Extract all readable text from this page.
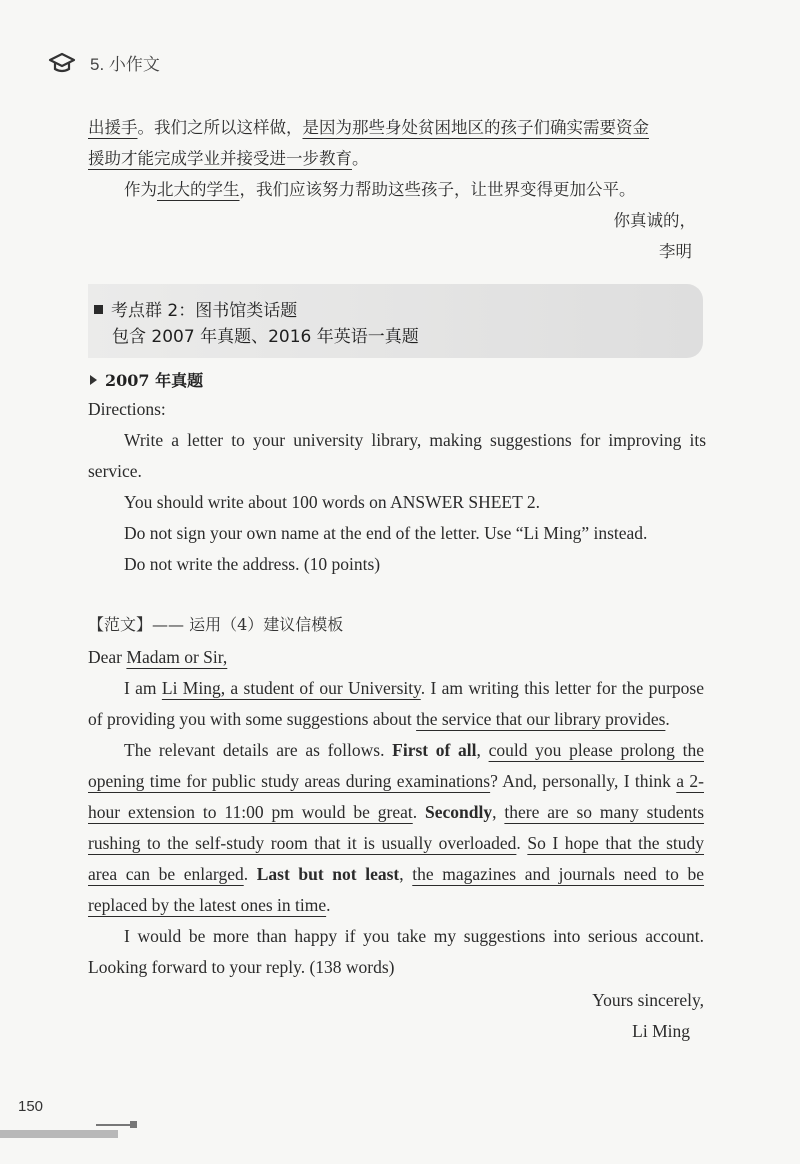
5. 小作文

出援手。我们之所以这样做，是因为那些身处贫困地区的孩子们确实需要资金
援助才能完成学业并接受进一步教育。

作为北大的学生，我们应该努力帮助这些孩子，让世界变得更加公平。

你真诚的，

李明

考点群 2：图书馆类话题
包含 2007 年真题、2016 年英语一真题
2007 年真题

Directions:

Write a letter to your university library, making suggestions for improving its service.

You should write about 100 words on ANSWER SHEET 2.

Do not sign your own name at the end of the letter. Use “Li Ming” instead.

Do not write the address. (10 points)

【范文】—— 运用（4）建议信模板

Dear Madam or Sir,

I am Li Ming, a student of our University. I am writing this letter for the purpose of providing you with some suggestions about the service that our library provides.

The relevant details are as follows. First of all, could you please prolong the opening time for public study areas during examinations? And, personally, I think a 2-hour extension to 11:00 pm would be great. Secondly, there are so many students rushing to the self-study room that it is usually overloaded. So I hope that the study area can be enlarged. Last but not least, the magazines and journals need to be replaced by the latest ones in time.

I would be more than happy if you take my suggestions into serious account. Looking forward to your reply. (138 words)

Yours sincerely,

Li Ming

150
